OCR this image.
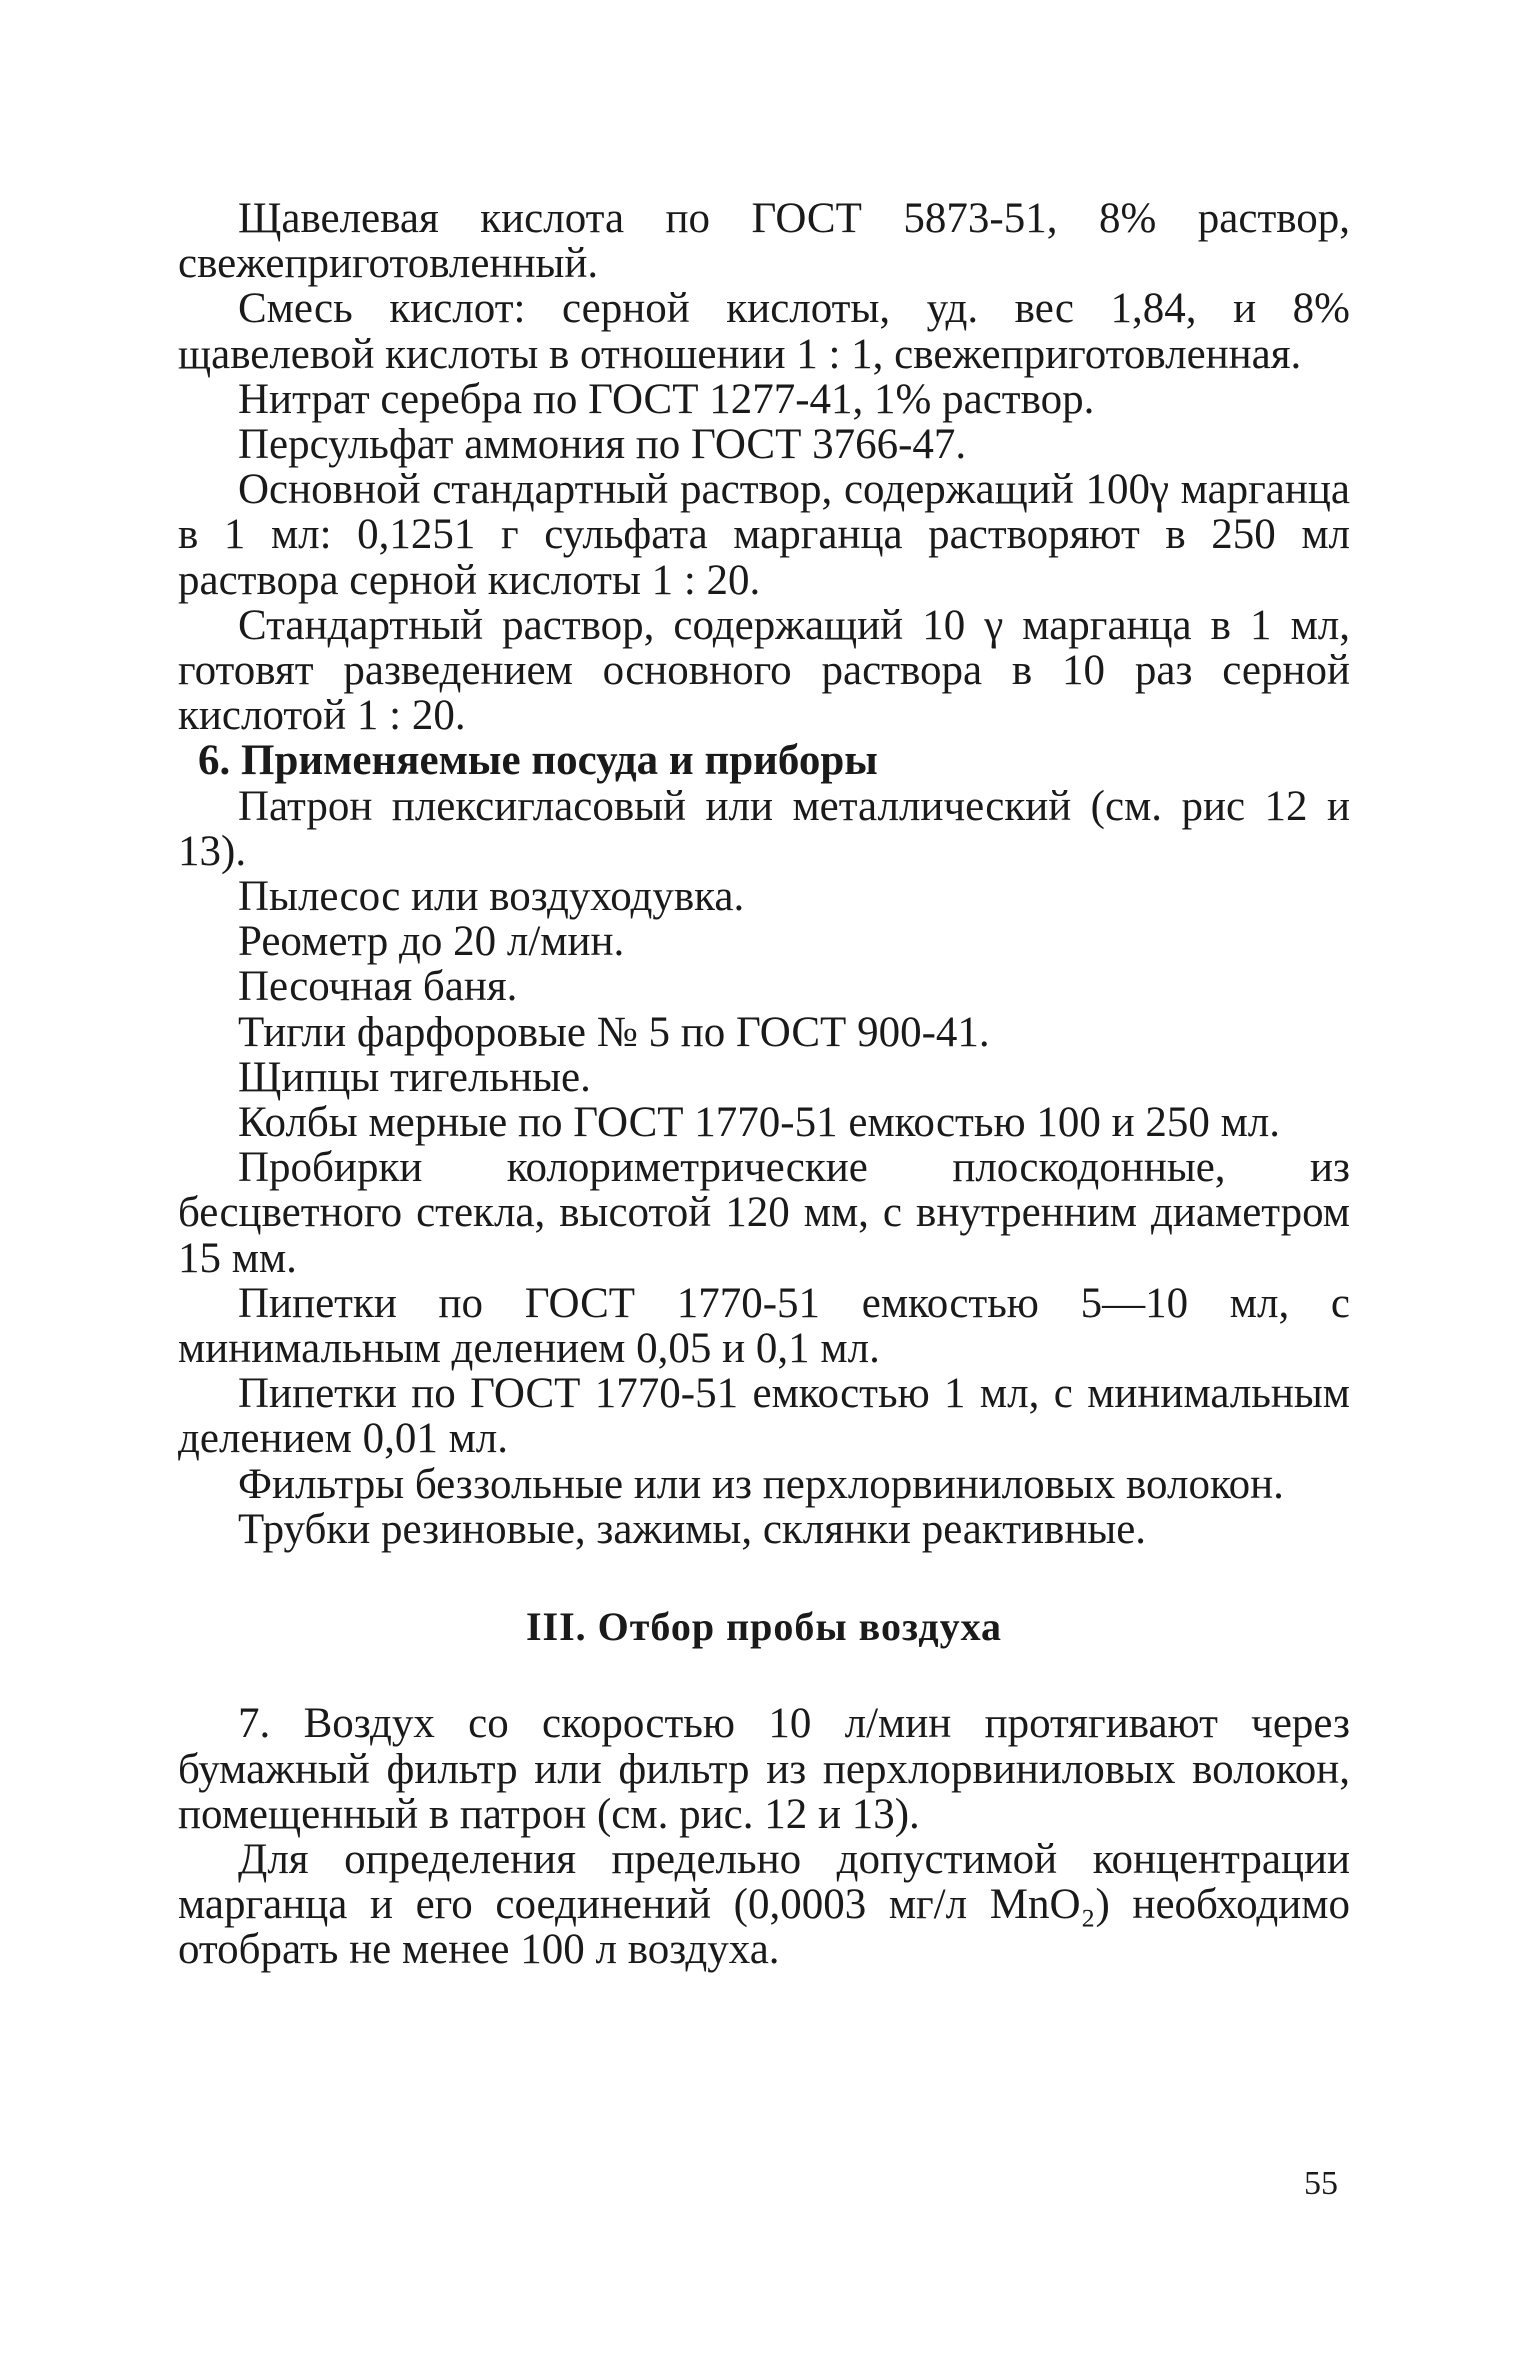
Щавелевая кислота по ГОСТ 5873-51, 8% раствор, свежеприготовленный.

Смесь кислот: серной кислоты, уд. вес 1,84, и 8% щавелевой кислоты в отношении 1 : 1, свежеприготовленная.

Нитрат серебра по ГОСТ 1277-41, 1% раствор.

Персульфат аммония по ГОСТ 3766-47.

Основной стандартный раствор, содержащий 100γ марганца в 1 мл: 0,1251 г сульфата марганца растворяют в 250 мл раствора серной кислоты 1 : 20.

Стандартный раствор, содержащий 10 γ марганца в 1 мл, готовят разведением основного раствора в 10 раз серной кислотой 1 : 20.

6. Применяемые посуда и приборы

Патрон плексигласовый или металлический (см. рис 12 и 13).

Пылесос или воздуходувка.

Реометр до 20 л/мин.

Песочная баня.

Тигли фарфоровые № 5 по ГОСТ 900-41.

Щипцы тигельные.

Колбы мерные по ГОСТ 1770-51 емкостью 100 и 250 мл.

Пробирки колориметрические плоскодонные, из бесцветного стекла, высотой 120 мм, с внутренним диаметром 15 мм.

Пипетки по ГОСТ 1770-51 емкостью 5—10 мл, с минимальным делением 0,05 и 0,1 мл.

Пипетки по ГОСТ 1770-51 емкостью 1 мл, с минимальным делением 0,01 мл.

Фильтры беззольные или из перхлорвиниловых волокон.

Трубки резиновые, зажимы, склянки реактивные.

III. Отбор пробы воздуха

7. Воздух со скоростью 10 л/мин протягивают через бумажный фильтр или фильтр из перхлорвиниловых волокон, помещенный в патрон (см. рис. 12 и 13).

Для определения предельно допустимой концентрации марганца и его соединений (0,0003 мг/л MnO₂) необходимо отобрать не менее 100 л воздуха.

55
